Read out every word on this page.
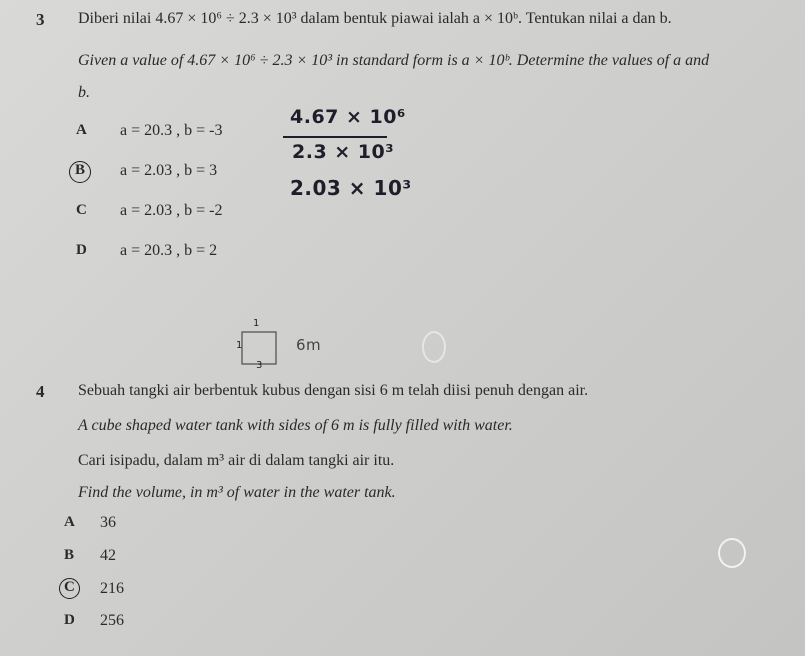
3 Diberi nilai 4.67 × 10⁶ ÷ 2.3 × 10³ dalam bentuk piawai ialah a × 10ᵇ. Tentukan nilai a dan b.
Given a value of 4.67 × 10⁶ ÷ 2.3 × 10³ in standard form is a × 10ᵇ. Determine the values of a and
b.
A a = 20.3 , b = -3
B a = 2.03 , b = 3
C a = 2.03 , b = -2
D a = 20.3 , b = 2
4.67 × 10⁶
2.3 × 10³
2.03 × 10³
1
1
3
6m
4 Sebuah tangki air berbentuk kubus dengan sisi 6 m telah diisi penuh dengan air.
A cube shaped water tank with sides of 6 m is fully filled with water.
Cari isipadu, dalam m³ air di dalam tangki air itu.
Find the volume, in m³ of water in the water tank.
A 36
B 42
C 216
D 256
